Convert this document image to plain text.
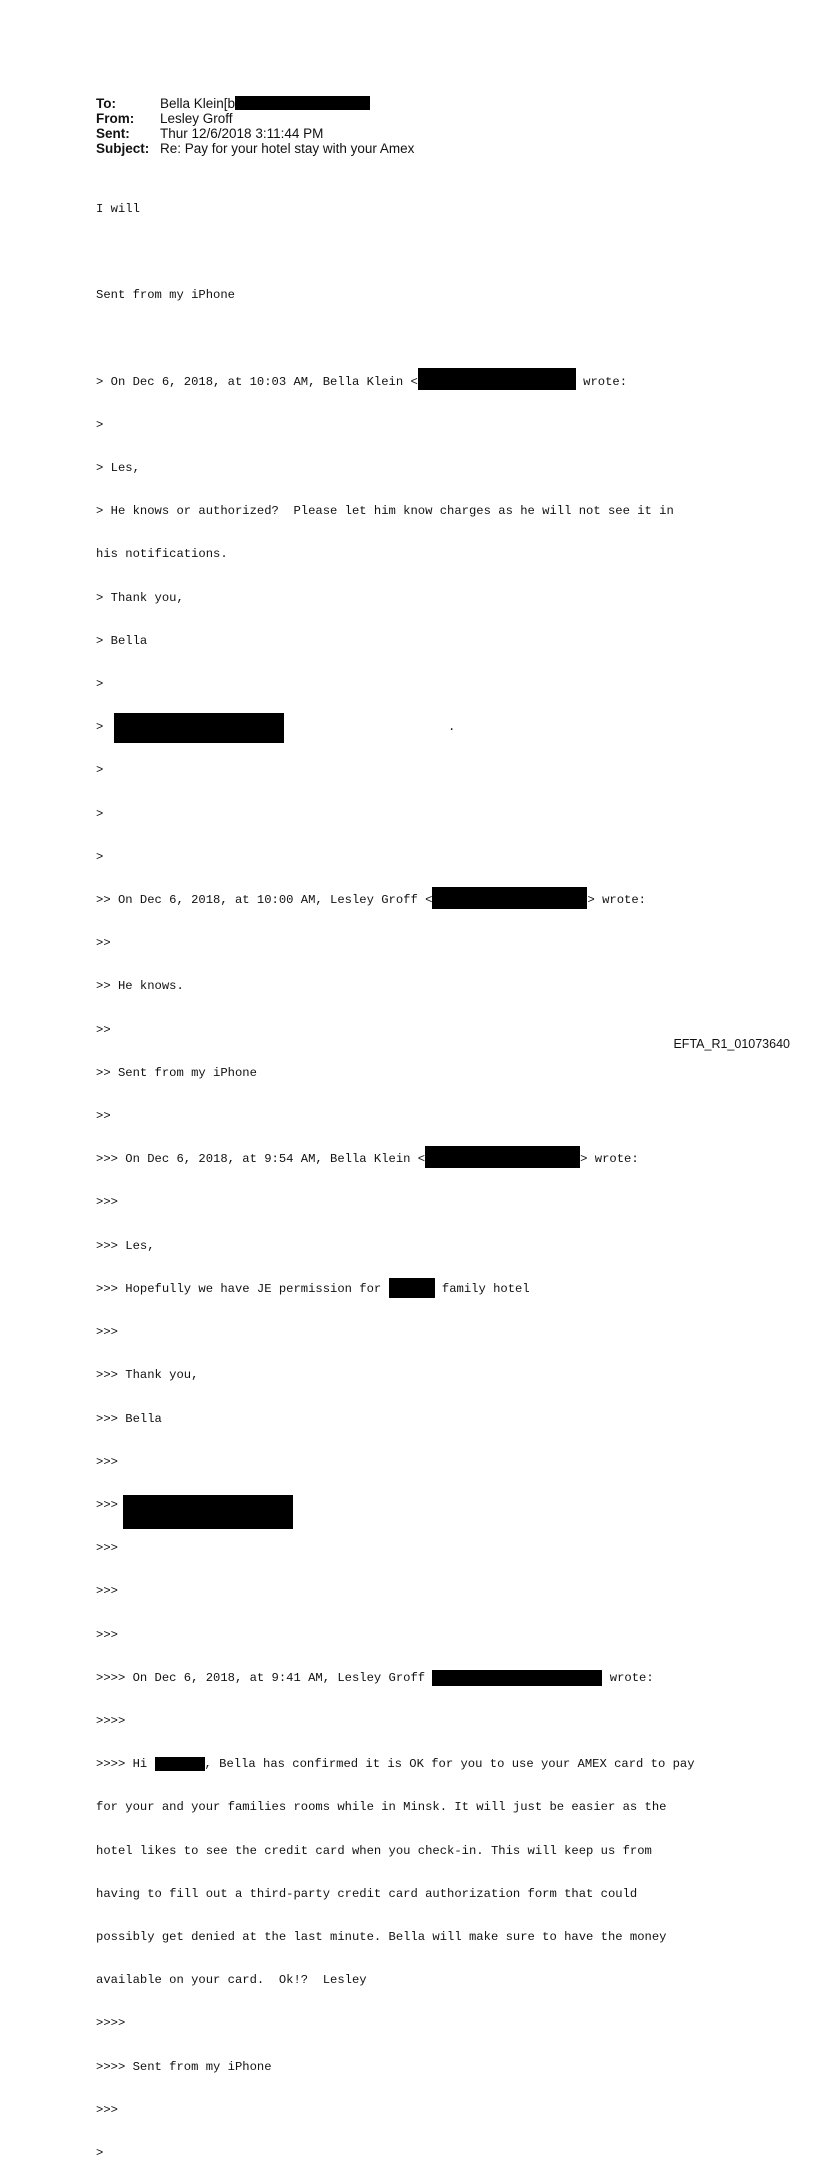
To:	Bella Klein[b
From:	Lesley Groff
Sent:	Thur 12/6/2018 3:11:44 PM
Subject: Re: Pay for your hotel stay with your Amex

I will

Sent from my iPhone

> On Dec 6, 2018, at 10:03 AM, Bella Klein <	wrote:

>

> Les,

> He knows or authorized?  Please let him know charges as he will not see it in

his notifications.

> Thank you,

> Bella

>

>	.

>

>

>

>> On Dec 6, 2018, at 10:00 AM, Lesley Groff <	> wrote:

>>

>> He knows.

>>

>> Sent from my iPhone

>>

>>> On Dec 6, 2018, at 9:54 AM, Bella Klein <	> wrote:

>>>

>>> Les,

>>> Hopefully we have JE permission for	family hotel

>>>

>>> Thank you,

>>> Bella

>>>

>>>

>>>

>>>

>>>

>>>> On Dec 6, 2018, at 9:41 AM, Lesley Groff	wrote:

>>>>

>>>> Hi	, Bella has confirmed it is OK for you to use your AMEX card to pay

for your and your families rooms while in Minsk. It will just be easier as the

hotel likes to see the credit card when you check-in. This will keep us from

having to fill out a third-party credit card authorization form that could

possibly get denied at the last minute. Bella will make sure to have the money

available on your card.  Ok!?  Lesley

>>>>

>>>> Sent from my iPhone

>>>

>

EFTA_R1_01073640
